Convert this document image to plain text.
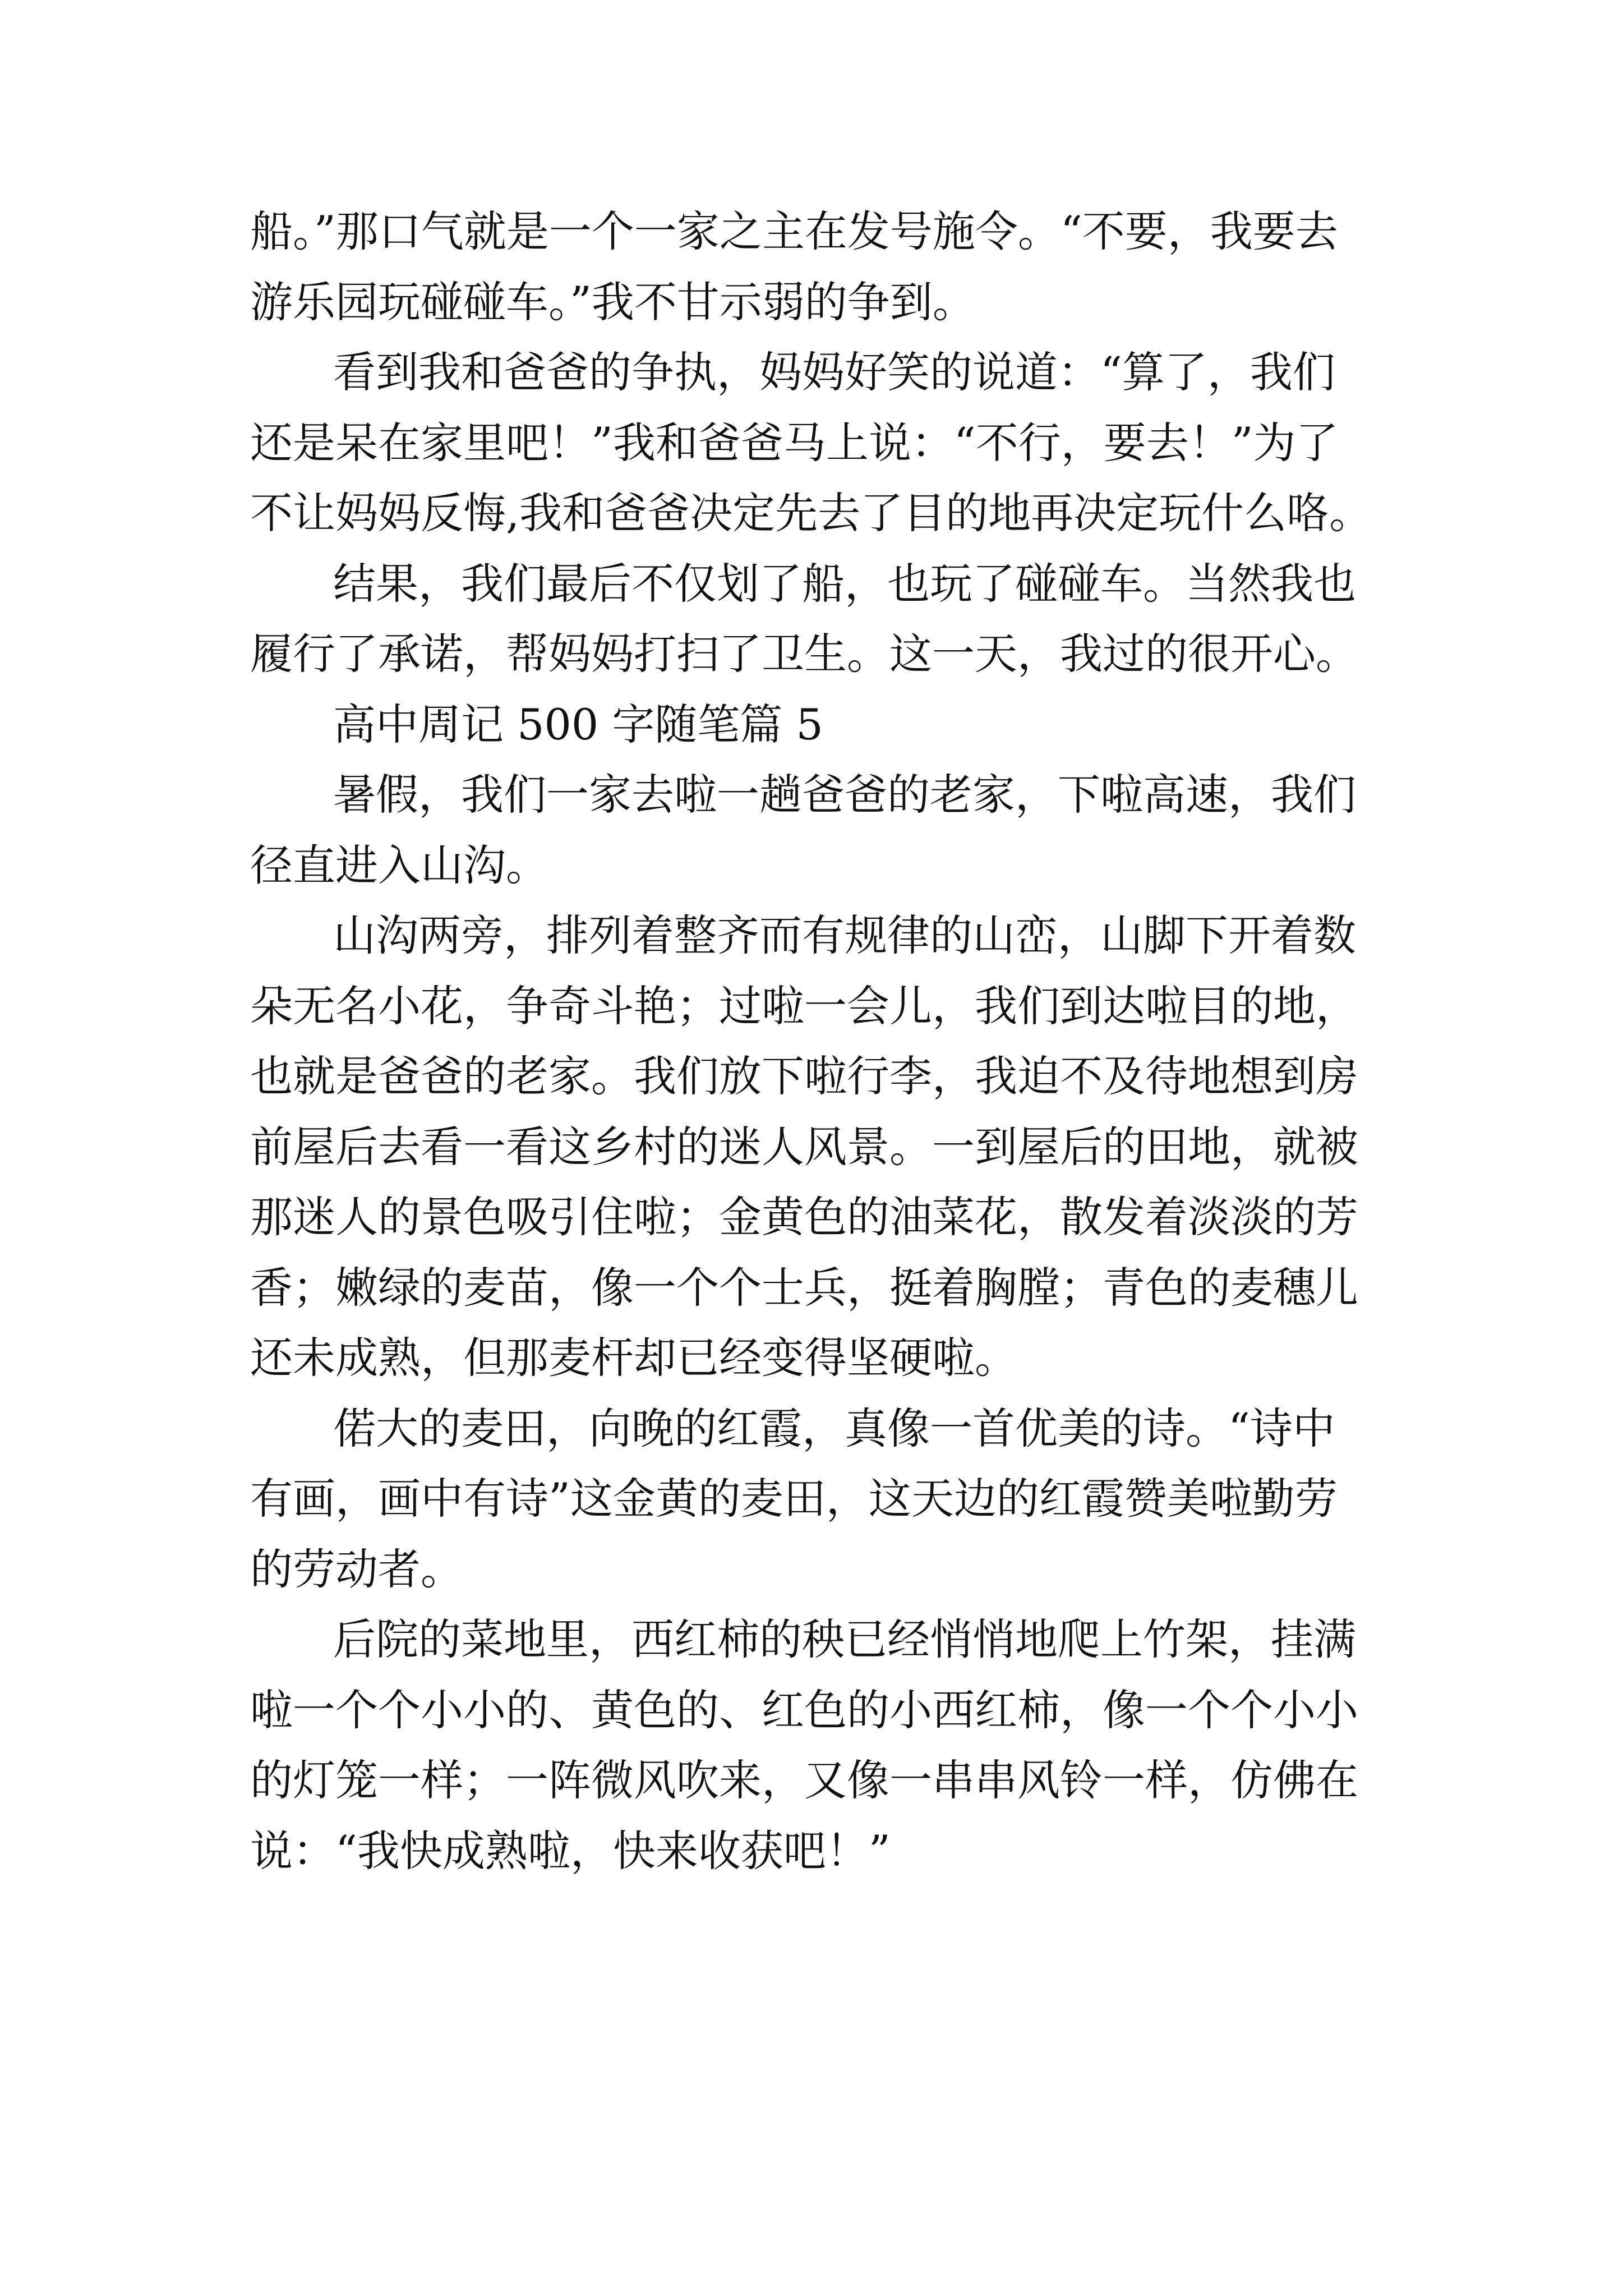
船。”那口气就是一个一家之主在发号施令。“不要，我要去
游乐园玩碰碰车。”我不甘示弱的争到。
看到我和爸爸的争执，妈妈好笑的说道：“算了，我们
还是呆在家里吧！”我和爸爸马上说：“不行，要去！”为了
不让妈妈反悔,我和爸爸决定先去了目的地再决定玩什么咯。
结果，我们最后不仅划了船，也玩了碰碰车。当然我也
履行了承诺，帮妈妈打扫了卫生。这一天，我过的很开心。
高中周记 500 字随笔篇 5
暑假，我们一家去啦一趟爸爸的老家，下啦高速，我们
径直进入山沟。
山沟两旁，排列着整齐而有规律的山峦，山脚下开着数
朵无名小花，争奇斗艳；过啦一会儿，我们到达啦目的地，
也就是爸爸的老家。我们放下啦行李，我迫不及待地想到房
前屋后去看一看这乡村的迷人风景。一到屋后的田地，就被
那迷人的景色吸引住啦；金黄色的油菜花，散发着淡淡的芳
香；嫩绿的麦苗，像一个个士兵，挺着胸膛；青色的麦穗儿
还未成熟，但那麦杆却已经变得坚硬啦。
偌大的麦田，向晚的红霞，真像一首优美的诗。“诗中
有画，画中有诗”这金黄的麦田，这天边的红霞赞美啦勤劳
的劳动者。
后院的菜地里，西红柿的秧已经悄悄地爬上竹架，挂满
啦一个个小小的、黄色的、红色的小西红柿，像一个个小小
的灯笼一样；一阵微风吹来，又像一串串风铃一样，仿佛在
说：“我快成熟啦，快来收获吧！”
